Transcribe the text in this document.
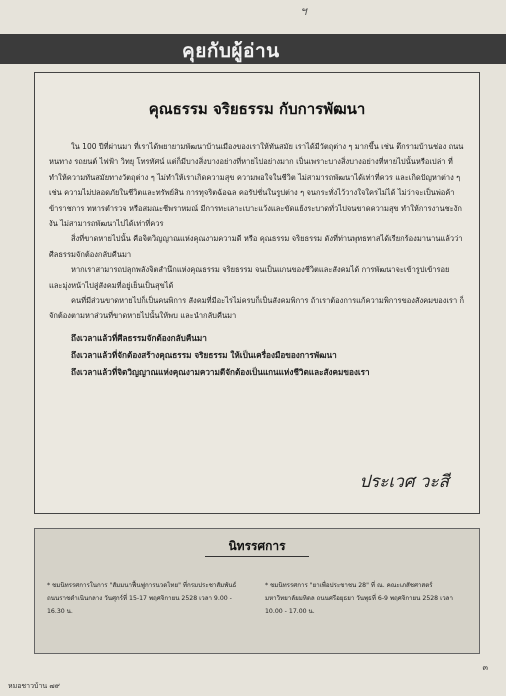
ฯ
คุยกับผู้อ่าน
คุณธรรม จริยธรรม กับการพัฒนา

ใน 100 ปีที่ผ่านมา ที่เราได้พยายามพัฒนาบ้านเมืองของเราให้ทันสมัย เราได้มีวัตถุต่าง ๆ มากขึ้น เช่น ตึกรามบ้านช่อง ถนนหนทาง รถยนต์ ไฟฟ้า วิทยุ โทรทัศน์ แต่ก็มีบางสิ่งบางอย่างที่หายไปอย่างมาก เป็นเพราะบางสิ่งบางอย่างที่หายไปนั้นหรือเปล่า ที่ทำให้ความทันสมัยทางวัตถุต่าง ๆ ไม่ทำให้เราเกิดความสุข ความพอใจในชีวิต ไม่สามารถพัฒนาได้เท่าที่ควร และเกิดปัญหาต่าง ๆ เช่น ความไม่ปลอดภัยในชีวิตและทรัพย์สิน การทุจริตฉ้อฉล คอรัปชั่นในรูปต่าง ๆ จนกระทั่งไว้วางใจใครไม่ได้ ไม่ว่าจะเป็นพ่อค้า ข้าราชการ ทหารตำรวจ หรือสมณะชีพราหมณ์ มีการทะเลาะเบาะแว้งและขัดแย้งระบาดทั่วไปจนขาดความสุข ทำให้การงานชะงักงัน ไม่สามารถพัฒนาไปได้เท่าที่ควร

สิ่งที่ขาดหายไปนั้น คือจิตวิญญาณแห่งคุณงามความดี หรือ คุณธรรม จริยธรรม ดังที่ท่านพุทธทาสได้เรียกร้องมานานแล้วว่า ศีลธรรมจักต้องกลับคืนมา

หากเราสามารถปลุกพลังจิตสำนึกแห่งคุณธรรม จริยธรรม จนเป็นแกนของชีวิตและสังคมได้ การพัฒนาจะเข้ารูปเข้ารอย และมุ่งหน้าไปสู่สังคมที่อยู่เย็นเป็นสุขได้

คนที่มีส่วนขาดหายไปก็เป็นคนพิการ สังคมที่มีอะไรไม่ครบก็เป็นสังคมพิการ ถ้าเราต้องการแก้ความพิการของสังคมของเรา ก็จักต้องตามหาส่วนที่ขาดหายไปนั้นให้พบ และนำกลับคืนมา

ถึงเวลาแล้วที่ศีลธรรมจักต้องกลับคืนมา

ถึงเวลาแล้วที่จักต้องสร้างคุณธรรม จริยธรรม ให้เป็นเครื่องมือของการพัฒนา

ถึงเวลาแล้วที่จิตวิญญาณแห่งคุณงามความดีจักต้องเป็นแกนแห่งชีวิตและสังคมของเรา

ประเวศ วะสี
นิทรรศการ
* ชมนิทรรศการในการ "สัมมนาฟื้นฟูการนวดไทย" ที่กรมประชาสัมพันธ์ ถนนราชดำเนินกลาง วันศุกร์ที่ 15-17 พฤศจิกายน 2528 เวลา 9.00 - 16.30 น.
* ชมนิทรรศการ "ยาเพื่อประชาชน 28" ที่ ณ. คณะเภสัชศาสตร์ มหาวิทยาลัยมหิดล ถนนศรีอยุธยา วันพุธที่ 6-9 พฤศจิกายน 2528 เวลา 10.00 - 17.00 น.
๓
หมอชาวบ้าน ๗๙
